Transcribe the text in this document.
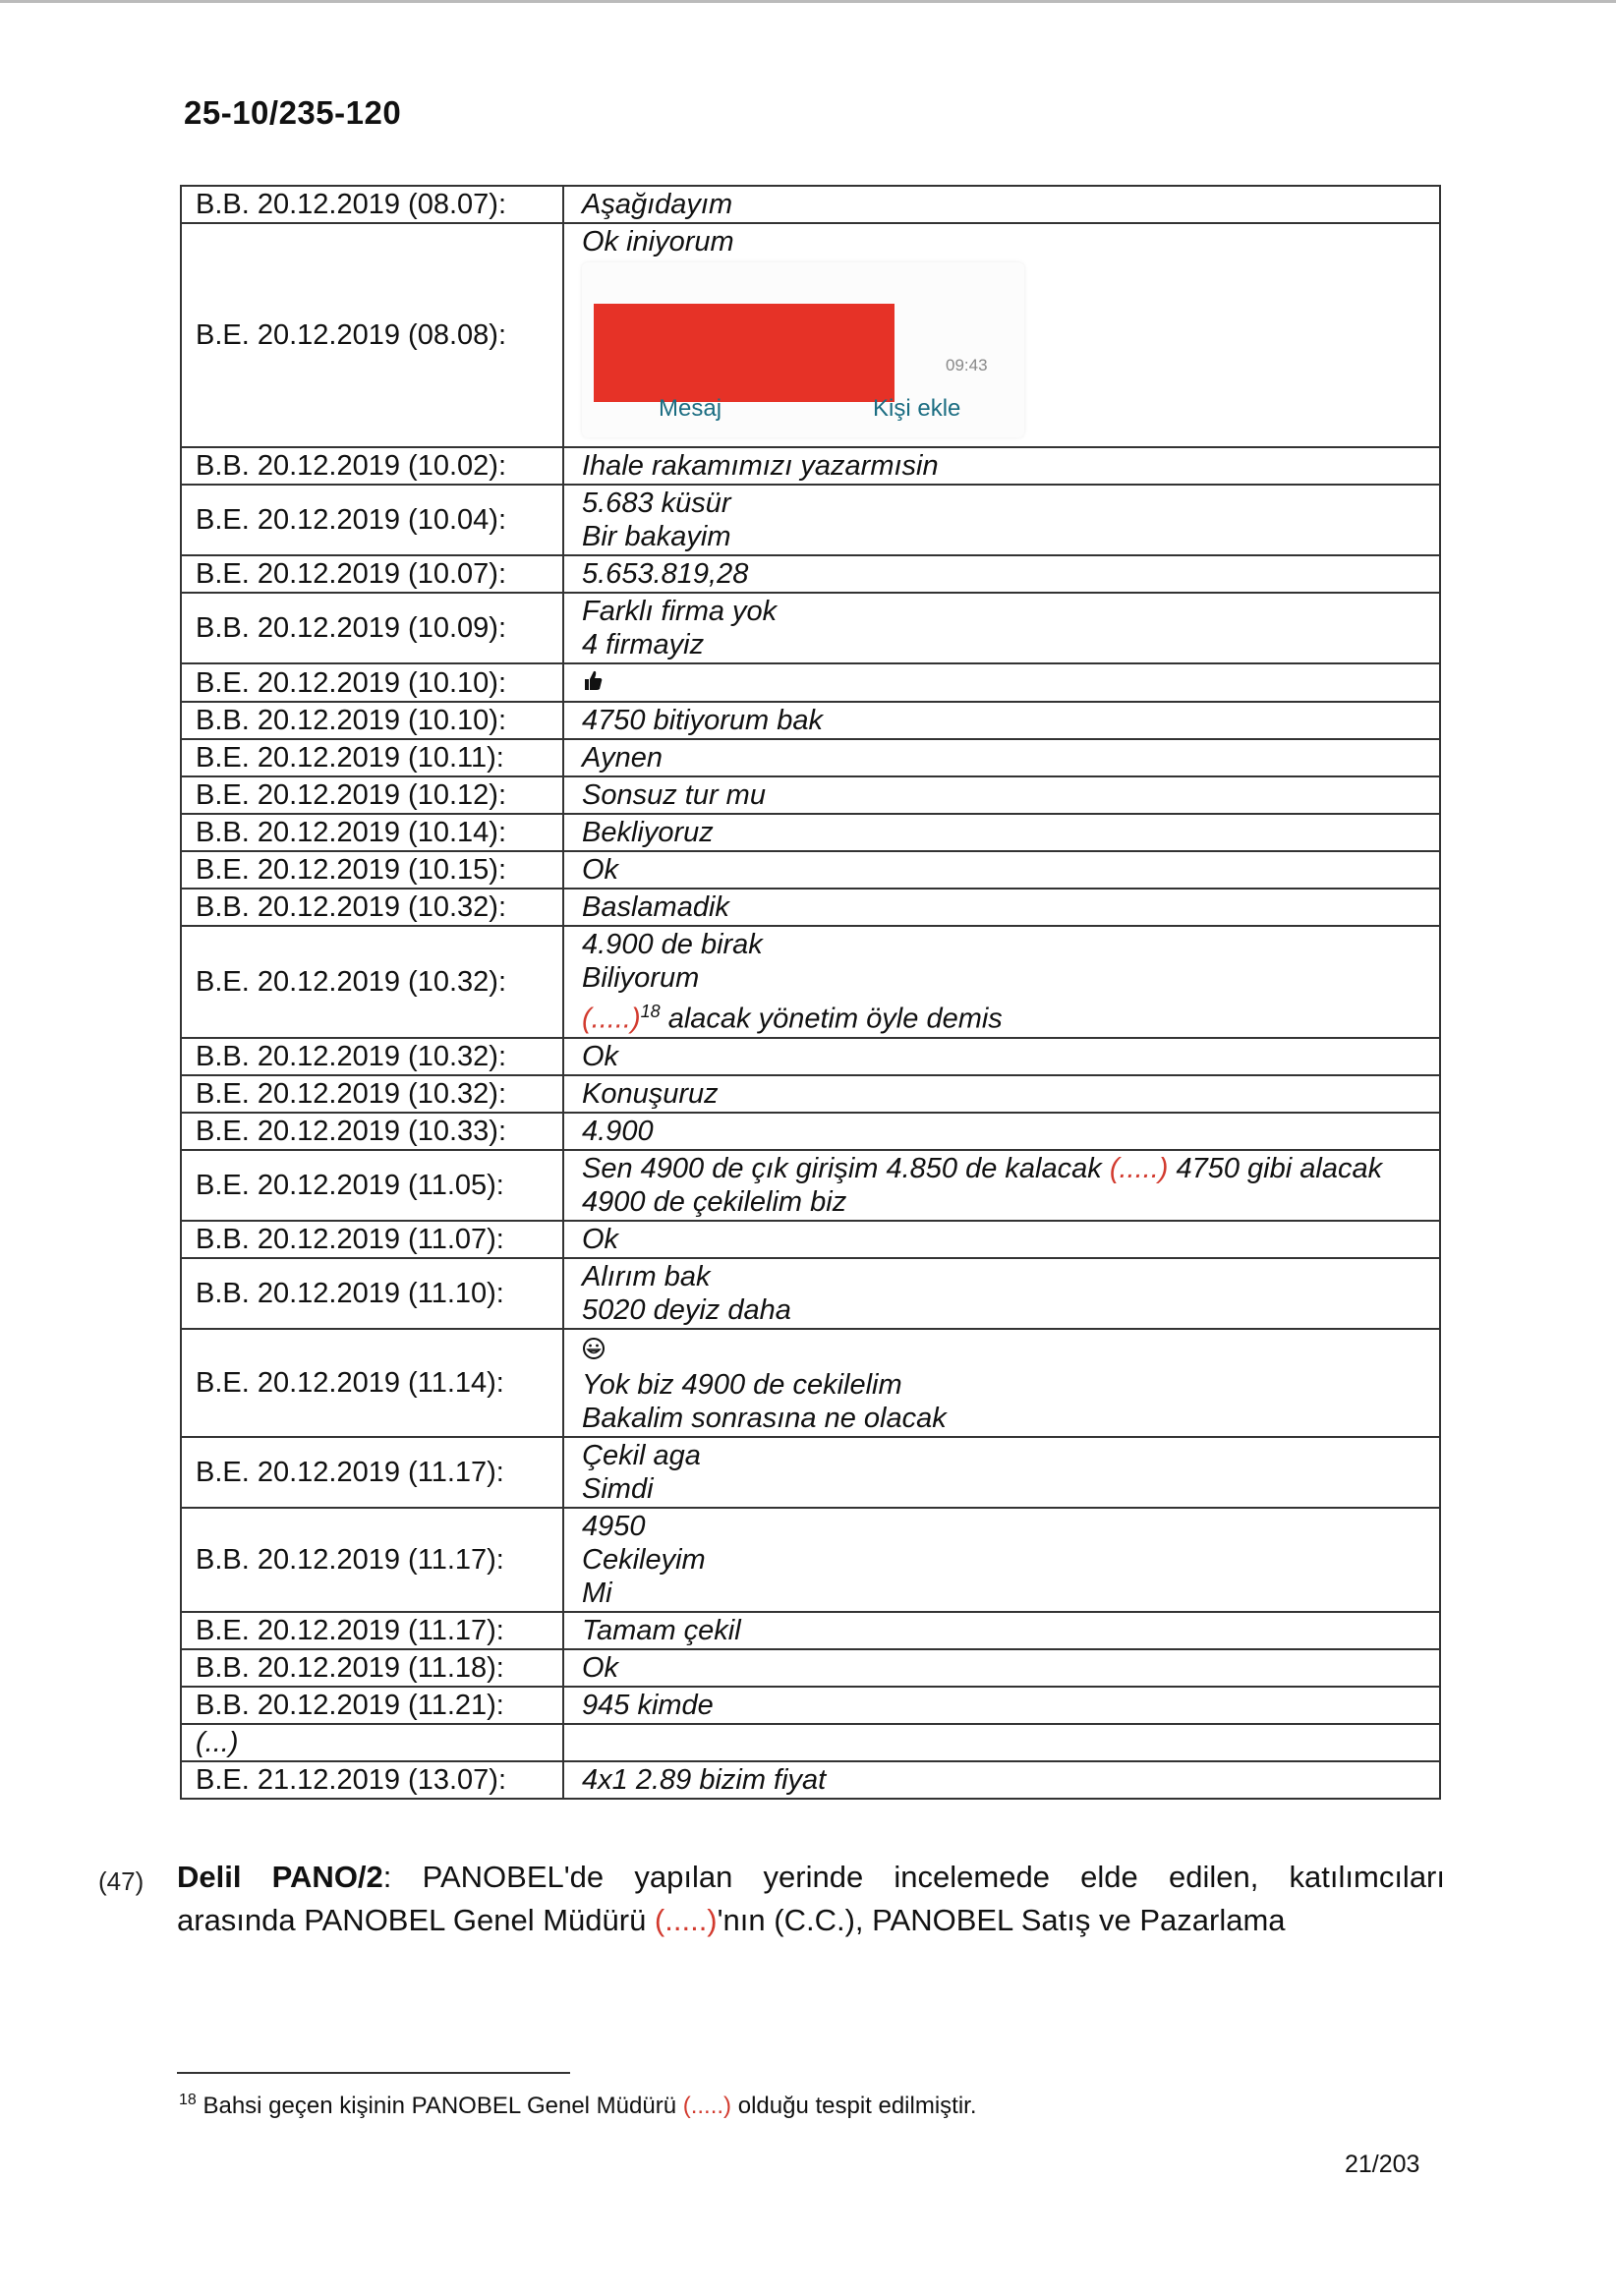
25-10/235-120
B.B. 20.12.2019 (08.07):	Aşağıdayım

B.E. 20.12.2019 (08.08):	Ok iniyorum
09:43
Mesaj Kişi ekle

B.B. 20.12.2019 (10.02):	Ihale rakamımızı yazarmısin

B.E. 20.12.2019 (10.04):	5.683 küsür
Bir bakayim

B.E. 20.12.2019 (10.07):	5.653.819,28

B.B. 20.12.2019 (10.09):	Farklı firma yok
4 firmayiz

B.E. 20.12.2019 (10.10):	
B.B. 20.12.2019 (10.10):	4750 bitiyorum bak

B.E. 20.12.2019 (10.11):	Aynen

B.E. 20.12.2019 (10.12):	Sonsuz tur mu

B.B. 20.12.2019 (10.14):	Bekliyoruz

B.E. 20.12.2019 (10.15):	Ok

B.B. 20.12.2019 (10.32):	Baslamadik

B.E. 20.12.2019 (10.32):	4.900 de birak
Biliyorum
(.....)$^{18}$ alacak yönetim öyle demis

B.B. 20.12.2019 (10.32):	Ok

B.E. 20.12.2019 (10.32):	Konuşuruz

B.E. 20.12.2019 (10.33):	4.900

B.E. 20.12.2019 (11.05):	Sen 4900 de çık girişim 4.850 de kalacak (.....) 4750 gibi alacak
4900 de çekilelim biz

B.B. 20.12.2019 (11.07):	Ok

B.B. 20.12.2019 (11.10):	Alırım bak
5020 deyiz daha

B.E. 20.12.2019 (11.14):	Yok biz 4900 de cekilelim
Bakalim sonrasına ne olacak

B.E. 20.12.2019 (11.17):	Çekil aga
Simdi

B.B. 20.12.2019 (11.17):	4950
Cekileyim
Mi

B.E. 20.12.2019 (11.17):	Tamam çekil

B.B. 20.12.2019 (11.18):	Ok

B.B. 20.12.2019 (11.21):	945 kimde

(...)	
B.E. 21.12.2019 (13.07):	4x1 2.89 bizim fiyat
(47) Delil PANO/2: PANOBEL'de yapılan yerinde incelemede elde edilen, katılımcıları
arasında PANOBEL Genel Müdürü (.....)'nın (C.C.), PANOBEL Satış ve Pazarlama
$^{18}$ Bahsi geçen kişinin PANOBEL Genel Müdürü (.....) olduğu tespit edilmiştir.
21/203
